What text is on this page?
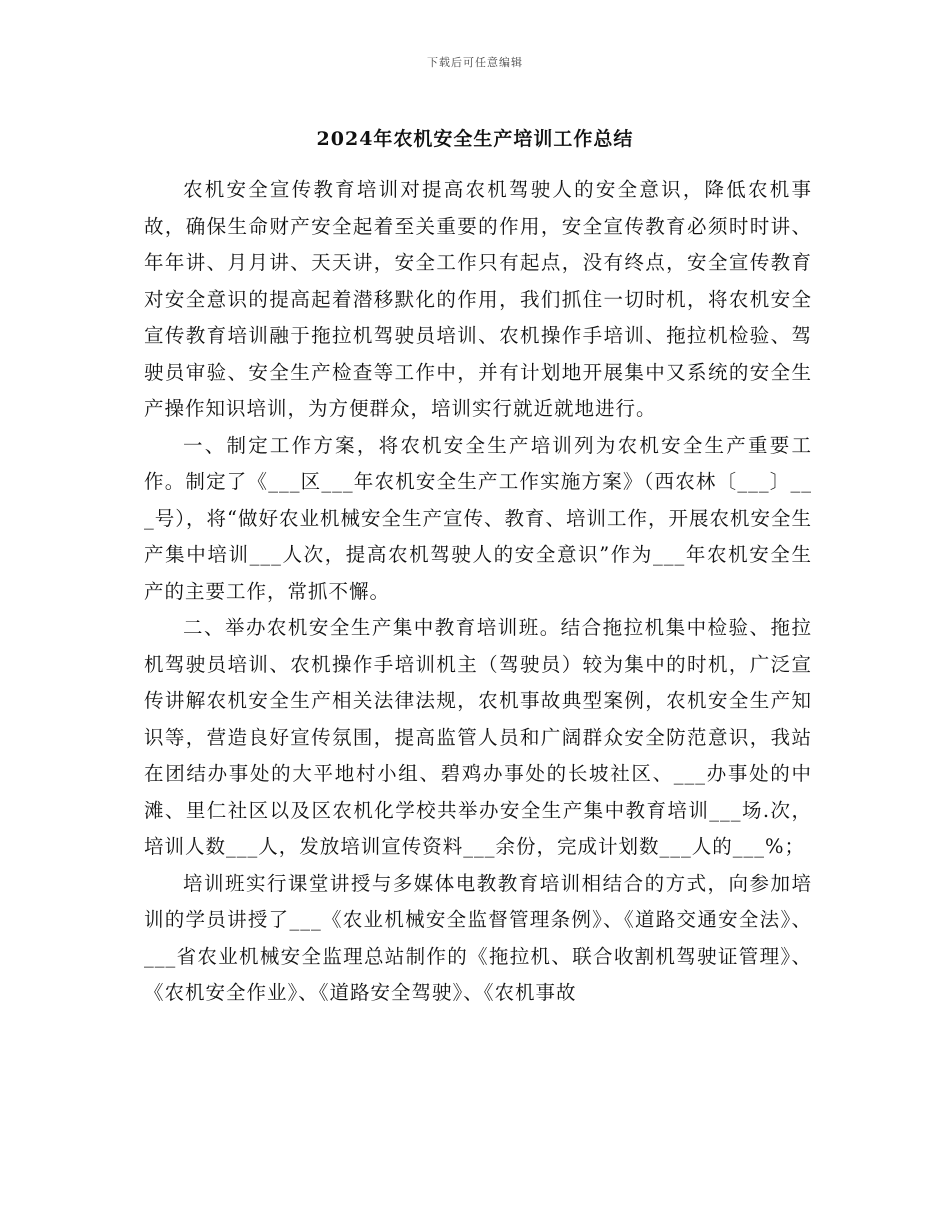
下载后可任意编辑
2024年农机安全生产培训工作总结

农机安全宣传教育培训对提高农机驾驶人的安全意识，降低农机事故，确保生命财产安全起着至关重要的作用，安全宣传教育必须时时讲、年年讲、月月讲、天天讲，安全工作只有起点，没有终点，安全宣传教育对安全意识的提高起着潜移默化的作用，我们抓住一切时机，将农机安全宣传教育培训融于拖拉机驾驶员培训、农机操作手培训、拖拉机检验、驾驶员审验、安全生产检查等工作中，并有计划地开展集中又系统的安全生产操作知识培训，为方便群众，培训实行就近就地进行。

一、制定工作方案，将农机安全生产培训列为农机安全生产重要工作。制定了《___区___年农机安全生产工作实施方案》（西农林〔___〕___号），将“做好农业机械安全生产宣传、教育、培训工作，开展农机安全生产集中培训___人次，提高农机驾驶人的安全意识”作为___年农机安全生产的主要工作，常抓不懈。

二、举办农机安全生产集中教育培训班。结合拖拉机集中检验、拖拉机驾驶员培训、农机操作手培训机主（驾驶员）较为集中的时机，广泛宣传讲解农机安全生产相关法律法规，农机事故典型案例，农机安全生产知识等，营造良好宣传氛围，提高监管人员和广阔群众安全防范意识，我站在团结办事处的大平地村小组、碧鸡办事处的长坡社区、___办事处的中滩、里仁社区以及区农机化学校共举办安全生产集中教育培训___场.次，培训人数___人，发放培训宣传资料___余份，完成计划数___人的___%；

培训班实行课堂讲授与多媒体电教教育培训相结合的方式，向参加培训的学员讲授了___《农业机械安全监督管理条例》、《道路交通安全法》、___省农业机械安全监理总站制作的《拖拉机、联合收割机驾驶证管理》、《农机安全作业》、《道路安全驾驶》、《农机事故
